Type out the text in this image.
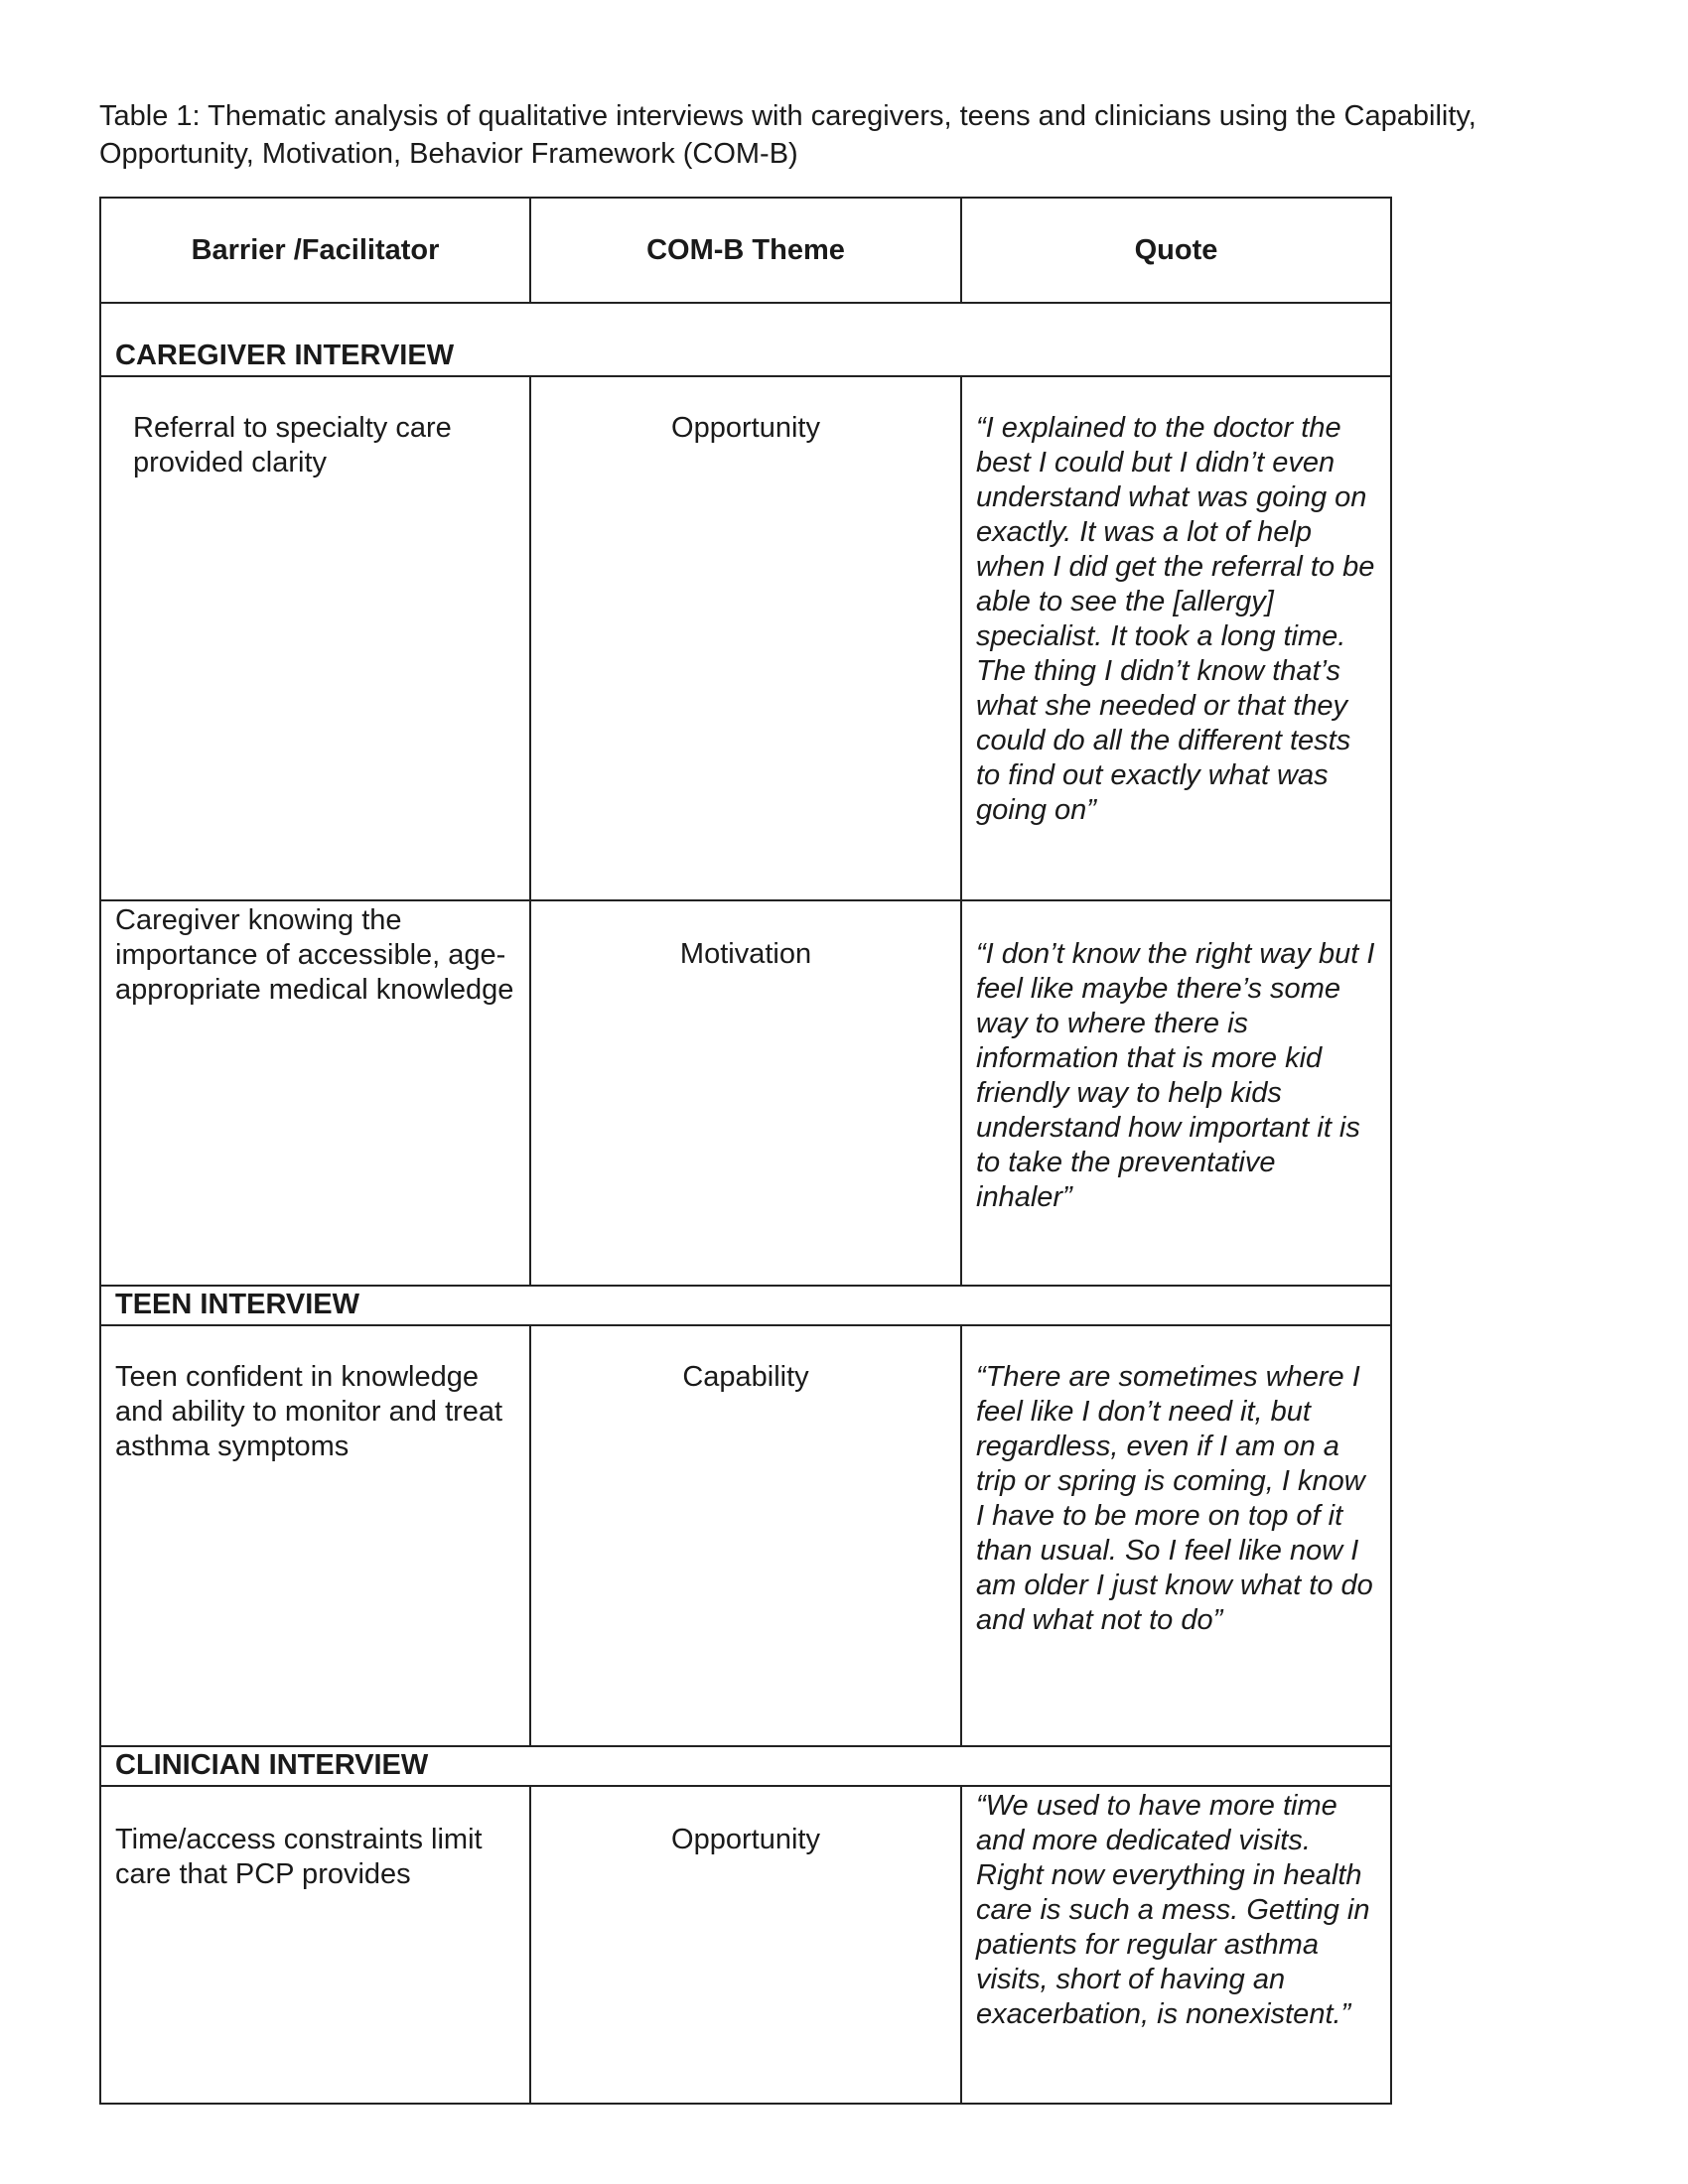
Table 1: Thematic analysis of qualitative interviews with caregivers, teens and clinicians using the Capability, Opportunity, Motivation, Behavior Framework (COM-B)
Barrier /Facilitator	COM-B Theme	Quote
CAREGIVER INTERVIEW		

Referral to specialty care provided clarity	Opportunity	“I explained to the doctor the best I could but I didn’t even understand what was going on exactly. It was a lot of help when I did get the referral to be able to see the [allergy] specialist. It took a long time. The thing I didn’t know that’s what she needed or that they could do all the different tests to find out exactly what was going on”
Caregiver knowing the importance of accessible, age-appropriate medical knowledge	Motivation	“I don’t know the right way but I feel like maybe there’s some way to where there is information that is more kid friendly way to help kids understand how important it is to take the preventative inhaler”
TEEN INTERVIEW		
Teen confident in knowledge and ability to monitor and treat asthma symptoms	Capability	“There are sometimes where I feel like I don’t need it, but regardless, even if I am on a trip or spring is coming, I know I have to be more on top of it than usual. So I feel like now I am older I just know what to do and what not to do”
CLINICIAN INTERVIEW		
Time/access constraints limit care that PCP provides	Opportunity	“We used to have more time and more dedicated visits. Right now everything in health care is such a mess. Getting in patients for regular asthma visits, short of having an exacerbation, is nonexistent.”
